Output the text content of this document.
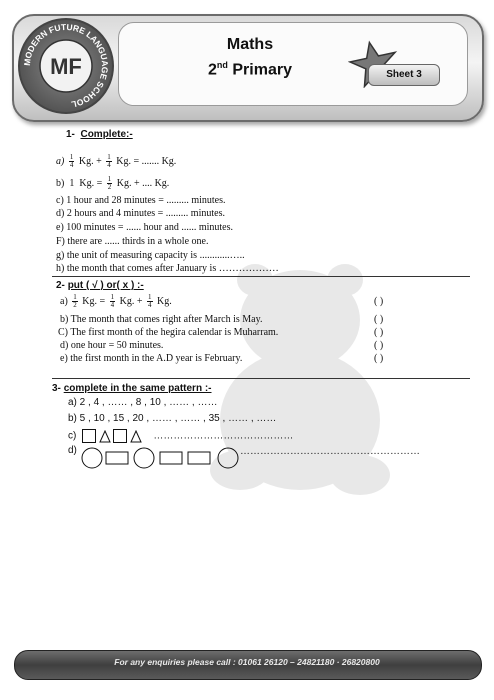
MODERN FUTURE LANGUAGE SCHOOL
MF
Maths
2nd Primary	Sheet 3
1- Complete:-
$a) \frac{1}{4} Kg$. + $\frac{1}{4} Kg$. = ....... Kg.
b) 1 Kg. = $\frac{1}{2} Kg$. + .... Kg.
c) 1 hour and 28 minutes = ......... minutes.
d) 2 hours and 4 minutes = ......... minutes.
e) 100 minutes = ...... hour and ...... minutes.
F) there are ...... thirds in a whole one.
g) the unit of measuring capacity is ............…..
h) the month that comes after January is ………………
2- put ( √ ) or( x ) :-
$a) \frac{1}{2} Kg$. = $\frac{1}{4} Kg$. + $\frac{1}{4} Kg$.	( )
b) The month that comes right after March is May.	( )
C) The first month of the hegira calendar is Muharram.	( )
d) one hour = 50 minutes.	( )
e) the first month in the A.D year is February.	( )
3- complete in the same pattern :-
a) 2 , 4 , …… , 8 , 10 , …… , ……
b) 5 , 10 , 15 , 20 , …… , …… , 35 , …… , ……
c)	……………………………………
d)	………………………………………………
For any enquiries please call : 01061 26120 – 24821180 · 26820800
